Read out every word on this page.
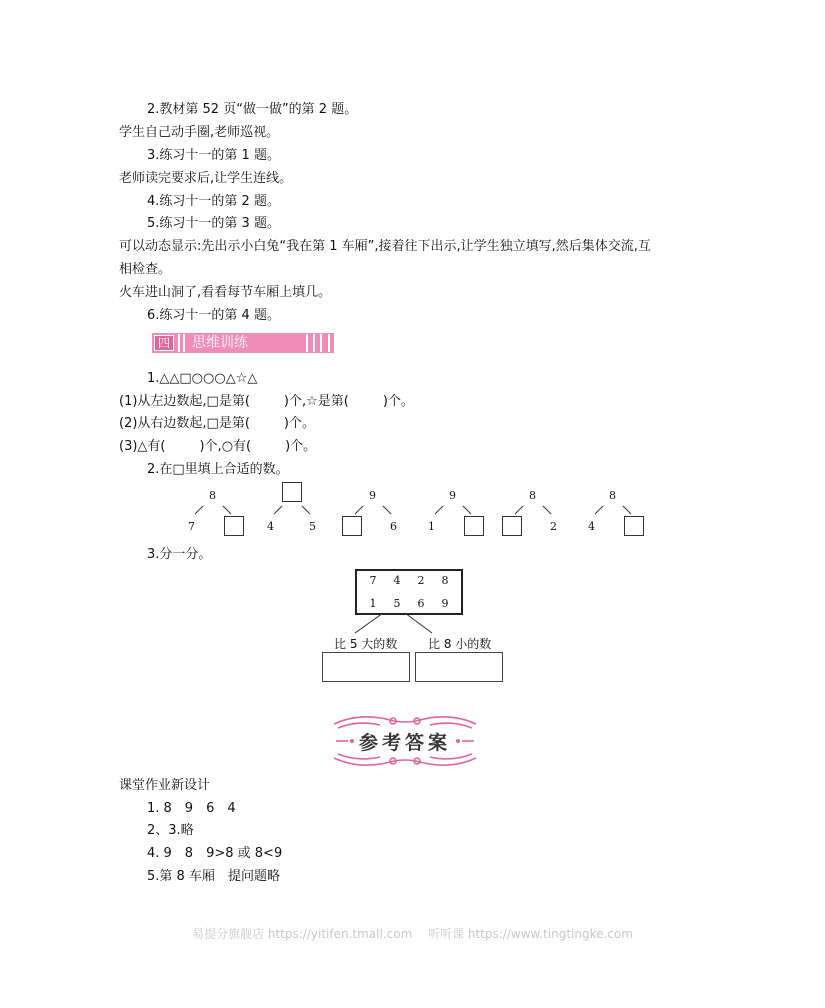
2.教材第 52 页“做一做”的第 2 题。
学生自己动手圈,老师巡视。
3.练习十一的第 1 题。
老师读完要求后,让学生连线。
4.练习十一的第 2 题。
5.练习十一的第 3 题。
可以动态显示:先出示小白兔“我在第 1 车厢”,接着往下出示,让学生独立填写,然后集体交流,互
相检查。
火车进山洞了,看看每节车厢上填几。
6.练习十一的第 4 题。
四 思维训练
1.△△□○○○△☆△
(1)从左边数起,□是第(	)个,☆是第(	)个。
(2)从右边数起,□是第(	)个。
(3)△有(	)个,○有(	)个。
2.在□里填上合适的数。
8
7	4	5
9
6
9
1
8
2
8
4
3.分一分。
7 4 2 8
1 5 6 9
比 5 大的数	比 8 小的数
参考答案
课堂作业新设计
1. 8　9　6　4
2、3.略
4. 9　8　9>8 或 8<9
5.第 8 车厢　提问题略
易提分旗舰店 https://yitifen.tmall.com　 听听课 https://www.tingtingke.com
